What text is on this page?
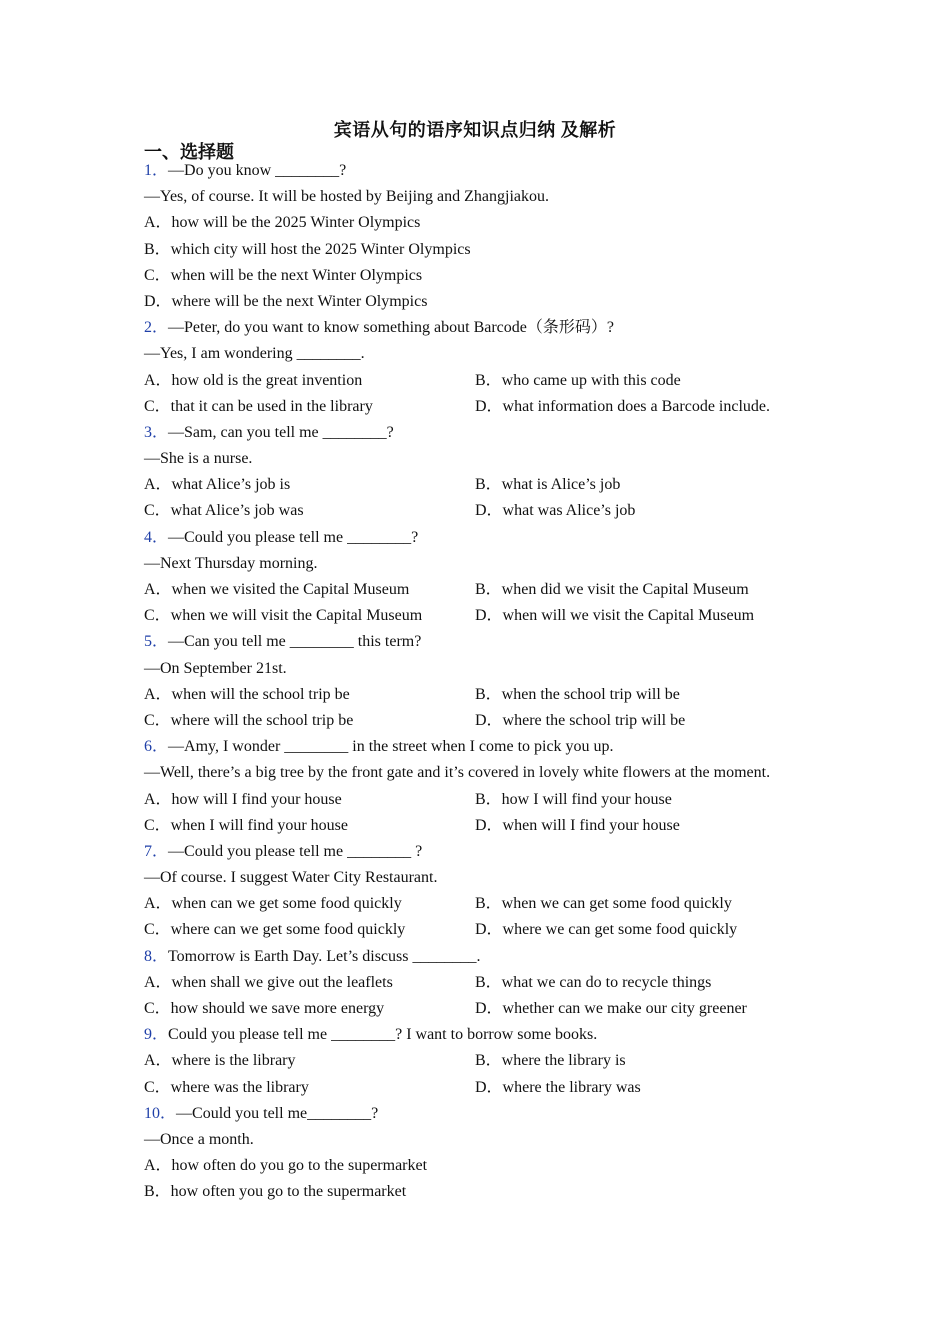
宾语从句的语序知识点归纳 及解析
一、选择题
1．—Do you know ________?
—Yes, of course. It will be hosted by Beijing and Zhangjiakou.
A．how will be the 2025 Winter Olympics
B．which city will host the 2025 Winter Olympics
C．when will be the next Winter Olympics
D．where will be the next Winter Olympics
2．—Peter, do you want to know something about Barcode（条形码）?
—Yes, I am wondering ________.
A．how old is the great invention	B．who came up with this code
C．that it can be used in the library	D．what information does a Barcode include.
3．—Sam, can you tell me ________?
—She is a nurse.
A．what Alice’s job is	B．what is Alice’s job
C．what Alice’s job was	D．what was Alice’s job
4．—Could you please tell me ________?
—Next Thursday morning.
A．when we visited the Capital Museum	B．when did we visit the Capital Museum
C．when we will visit the Capital Museum	D．when will we visit the Capital Museum
5．—Can you tell me ________ this term?
—On September 21st.
A．when will the school trip be	B．when the school trip will be
C．where will the school trip be	D．where the school trip will be
6．—Amy, I wonder ________ in the street when I come to pick you up.
—Well, there’s a big tree by the front gate and it’s covered in lovely white flowers at the moment.
A．how will I find your house	B．how I will find your house
C．when I will find your house	D．when will I find your house
7．—Could you please tell me ________ ?
—Of course. I suggest Water City Restaurant.
A．when can we get some food quickly	B．when we can get some food quickly
C．where can we get some food quickly	D．where we can get some food quickly
8．Tomorrow is Earth Day. Let’s discuss ________.
A．when shall we give out the leaflets	B．what we can do to recycle things
C．how should we save more energy	D．whether can we make our city greener
9．Could you please tell me ________? I want to borrow some books.
A．where is the library	B．where the library is
C．where was the library	D．where the library was
10．—Could you tell me________?
—Once a month.
A．how often do you go to the supermarket
B．how often you go to the supermarket
